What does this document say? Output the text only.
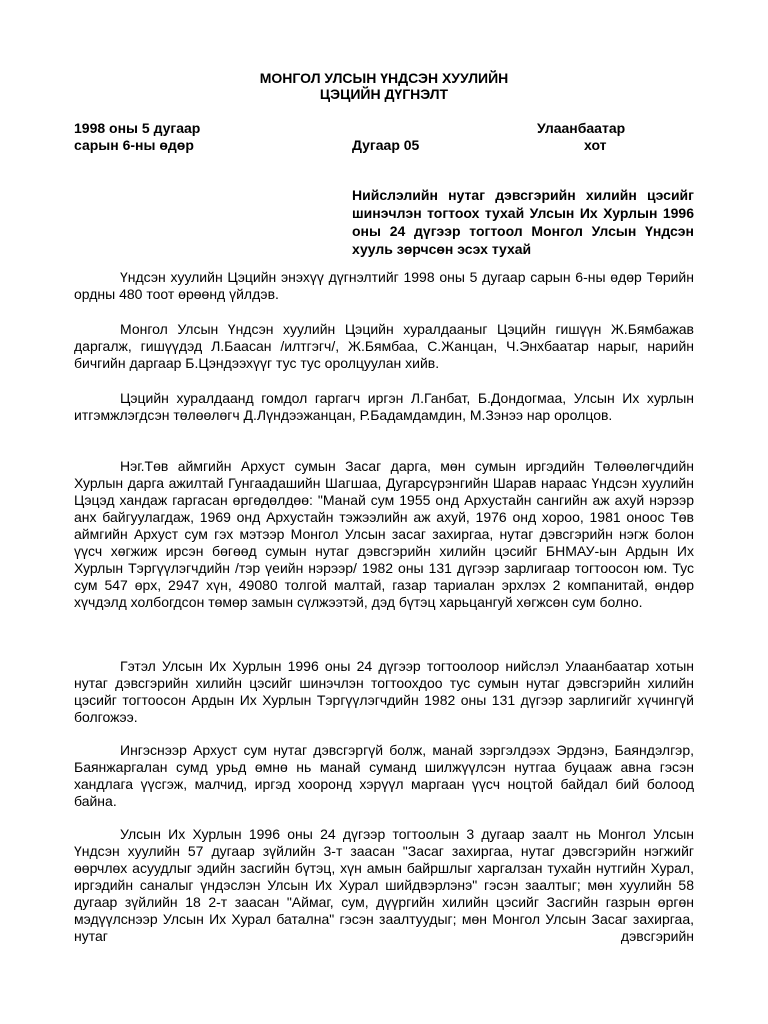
МОНГОЛ УЛСЫН ҮНДСЭН ХУУЛИЙН
ЦЭЦИЙН ДҮГНЭЛТ
1998 оны 5 дугаар
сарын 6-ны өдөр	Дугаар 05
Улаанбаатар
хот
Нийслэлийн нутаг дэвсгэрийн хилийн цэсийг шинэчлэн тогтоох тухай Улсын Их Хурлын 1996 оны 24 дүгээр тогтоол Монгол Улсын Үндсэн хууль зөрчсөн эсэх тухай

Үндсэн хуулийн Цэцийн энэхүү дүгнэлтийг 1998 оны 5 дугаар сарын 6-ны өдөр Төрийн ордны 480 тоот өрөөнд үйлдэв.

Монгол Улсын Үндсэн хуулийн Цэцийн хуралдааныг Цэцийн гишүүн Ж.Бямбажав даргалж, гишүүдэд Л.Баасан /илтгэгч/, Ж.Бямбаа, С.Жанцан, Ч.Энхбаатар нарыг, нарийн бичгийн даргаар Б.Цэндээхүүг тус тус оролцуулан хийв.

Цэцийн хуралдаанд гомдол гаргагч иргэн Л.Ганбат, Б.Дондогмаа, Улсын Их хурлын итгэмжлэгдсэн төлөөлөгч Д.Лүндээжанцан, Р.Бадамдамдин, М.Зэнээ нар оролцов.

Нэг.Төв аймгийн Архуст сумын Засаг дарга, мөн сумын иргэдийн Төлөөлөгчдийн Хурлын дарга ажилтай Гунгаадашийн Шагшаа, Дугарсүрэнгийн Шарав нараас Үндсэн хуулийн Цэцэд хандаж гаргасан өргөдөлдөө: "Манай сум 1955 онд Архустайн сангийн аж ахуй нэрээр анх байгуулагдаж, 1969 онд Архустайн тэжээлийн аж ахуй, 1976 онд хороо, 1981 оноос Төв аймгийн Архуст сум гэх мэтээр Монгол Улсын засаг захиргаа, нутаг дэвсгэрийн нэгж болон үүсч хөгжиж ирсэн бөгөөд сумын нутаг дэвсгэрийн хилийн цэсийг БНМАУ-ын Ардын Их Хурлын Тэргүүлэгчдийн /тэр үеийн нэрээр/ 1982 оны 131 дүгээр зарлигаар тогтоосон юм. Тус сум 547 өрх, 2947 хүн, 49080 толгой малтай, газар тариалан эрхлэх 2 компанитай, өндөр хүчдэлд холбогдсон төмөр замын сүлжээтэй, дэд бүтэц харьцангуй хөгжсөн сум болно.

Гэтэл Улсын Их Хурлын 1996 оны 24 дүгээр тогтоолоор нийслэл Улаанбаатар хотын нутаг дэвсгэрийн хилийн цэсийг шинэчлэн тогтоохдоо тус сумын нутаг дэвсгэрийн хилийн цэсийг тогтоосон Ардын Их Хурлын Тэргүүлэгчдийн 1982 оны 131 дүгээр зарлигийг хүчингүй болгожээ.

Ингэснээр Архуст сум нутаг дэвсгэргүй болж, манай зэргэлдээх Эрдэнэ, Баяндэлгэр, Баянжаргалан сумд урьд өмнө нь манай суманд шилжүүлсэн нутгаа буцааж авна гэсэн хандлага үүсгэж, малчид, иргэд хооронд хэрүүл маргаан үүсч ноцтой байдал бий болоод байна.

Улсын Их Хурлын 1996 оны 24 дүгээр тогтоолын 3 дугаар заалт нь Монгол Улсын Үндсэн хуулийн 57 дугаар зүйлийн 3-т заасан "Засаг захиргаа, нутаг дэвсгэрийн нэгжийг өөрчлөх асуудлыг эдийн засгийн бүтэц, хүн амын байршлыг харгалзан тухайн нутгийн Хурал, иргэдийн саналыг үндэслэн Улсын Их Хурал шийдвэрлэнэ" гэсэн заалтыг; мөн хуулийн 58 дугаар зүйлийн 18 2-т заасан "Аймаг, сум, дүүргийн хилийн цэсийг Засгийн газрын өргөн мэдүүлснээр Улсын Их Хурал батална" гэсэн заалтуудыг; мөн Монгол Улсын Засаг захиргаа, нутаг дэвсгэрийн
